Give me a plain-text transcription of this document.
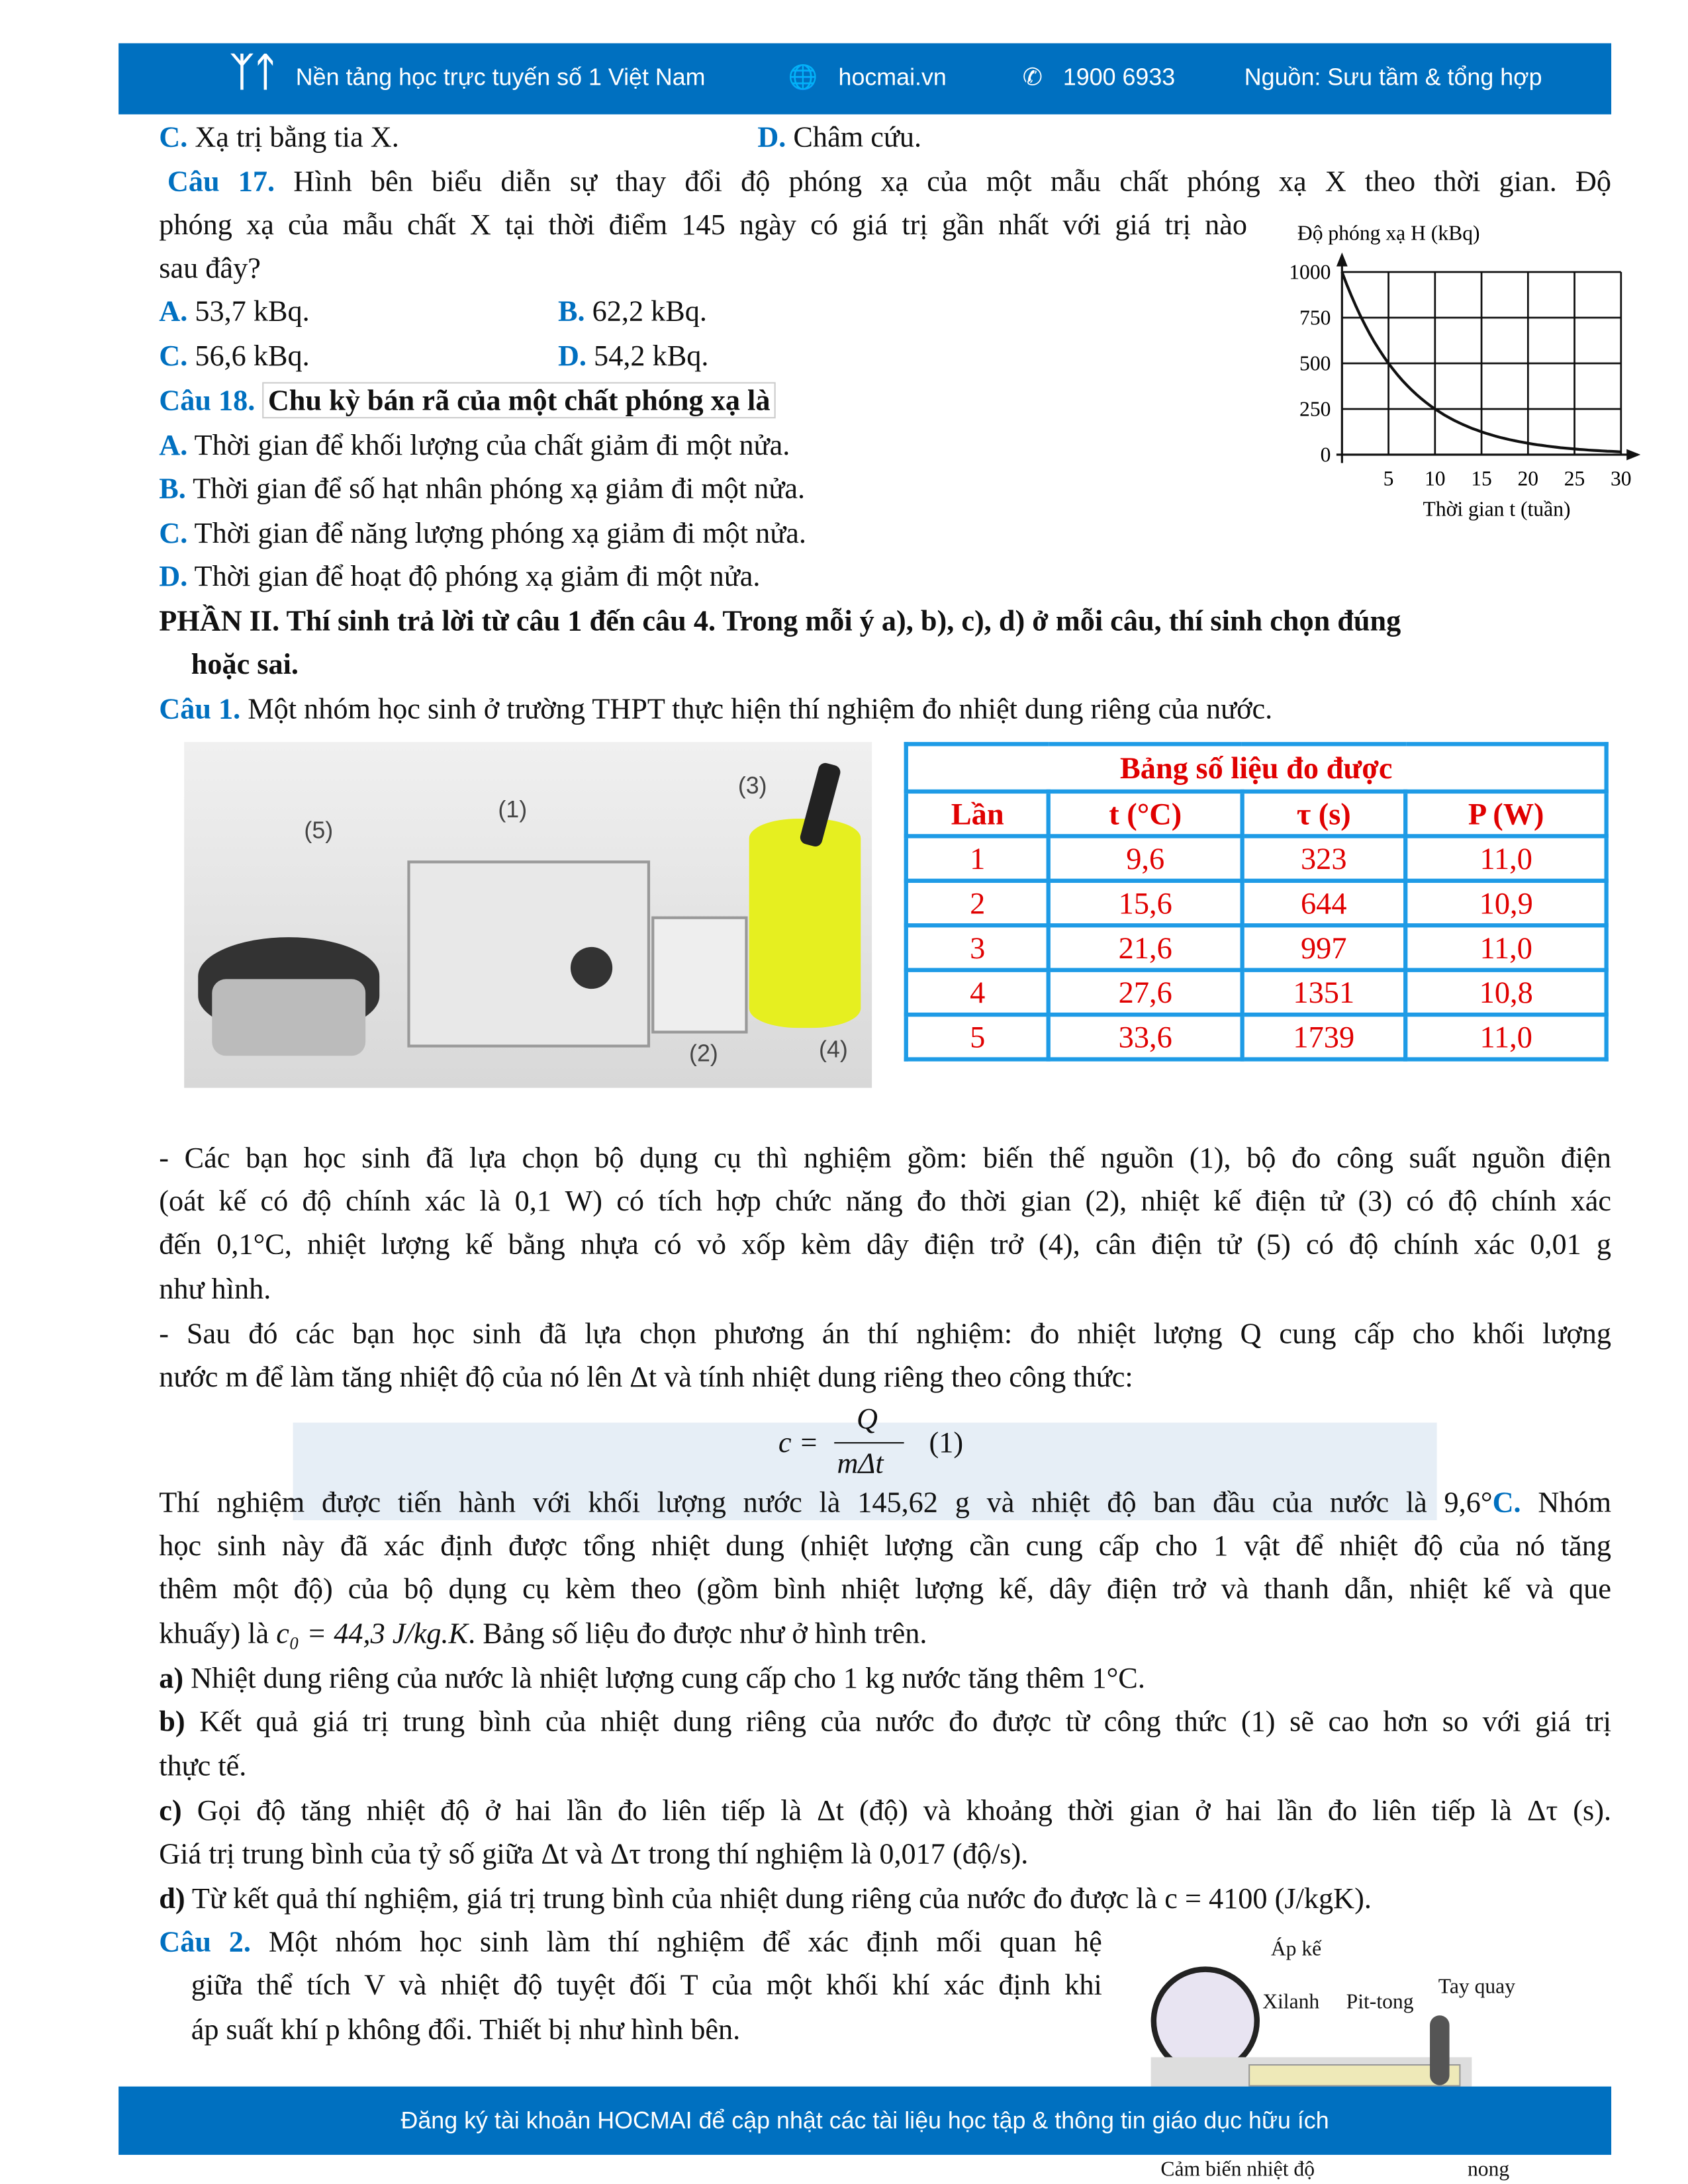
ᛉᛏ Nền tảng học trực tuyến số 1 Việt Nam	🌐 hocmai.vn	✆ 1900 6933	Nguồn: Sưu tầm & tổng hợp
C. Xạ trị bằng tia X.	D. Châm cứu.
Câu 17. Hình bên biểu diễn sự thay đổi độ phóng xạ của một mẫu chất phóng xạ X theo thời gian. Độ
phóng xạ của mẫu chất X tại thời điểm 145 ngày có giá trị gần nhất với giá trị nào
sau đây?
A. 53,7 kBq.	B. 62,2 kBq.
C. 56,6 kBq.	D. 54,2 kBq.
Độ phóng xạ H (kBq)
0
250
500
750
1000
5	10	15	20	25	30
Thời gian t (tuần)
Câu 18. Chu kỳ bán rã của một chất phóng xạ là
A. Thời gian để khối lượng của chất giảm đi một nửa.
B. Thời gian để số hạt nhân phóng xạ giảm đi một nửa.
C. Thời gian để năng lượng phóng xạ giảm đi một nửa.
D. Thời gian để hoạt độ phóng xạ giảm đi một nửa.
PHẦN II. Thí sinh trả lời từ câu 1 đến câu 4. Trong mỗi ý a), b), c), d) ở mỗi câu, thí sinh chọn đúng
hoặc sai.
Câu 1. Một nhóm học sinh ở trường THPT thực hiện thí nghiệm đo nhiệt dung riêng của nước.
(1)
(2)
(3)
(4)
(5)
Bảng số liệu đo được			
Lần	t (°C)	τ (s)	P (W)
1	9,6	323	11,0
2	15,6	644	10,9
3	21,6	997	11,0
4	27,6	1351	10,8
5	33,6	1739	11,0
- Các bạn học sinh đã lựa chọn bộ dụng cụ thì nghiệm gồm: biến thế nguồn (1), bộ đo công suất nguồn điện
(oát kế có độ chính xác là 0,1 W) có tích hợp chức năng đo thời gian (2), nhiệt kế điện tử (3) có độ chính xác
đến 0,1°C, nhiệt lượng kế bằng nhựa có vỏ xốp kèm dây điện trở (4), cân điện tử (5) có độ chính xác 0,01 g
như hình.
- Sau đó các bạn học sinh đã lựa chọn phương án thí nghiệm: đo nhiệt lượng Q cung cấp cho khối lượng
nước m để làm tăng nhiệt độ của nó lên Δt và tính nhiệt dung riêng theo công thức:
c =
Q
mΔt
(1)
Thí nghiệm được tiến hành với khối lượng nước là 145,62 g và nhiệt độ ban đầu của nước là 9,6°C. Nhóm
học sinh này đã xác định được tổng nhiệt dung (nhiệt lượng cần cung cấp cho 1 vật để nhiệt độ của nó tăng
thêm một độ) của bộ dụng cụ kèm theo (gồm bình nhiệt lượng kế, dây điện trở và thanh dẫn, nhiệt kế và que
khuấy) là c₀ = 44,3 J/kg.K. Bảng số liệu đo được như ở hình trên.
a) Nhiệt dung riêng của nước là nhiệt lượng cung cấp cho 1 kg nước tăng thêm 1°C.
b) Kết quả giá trị trung bình của nhiệt dung riêng của nước đo được từ công thức (1) sẽ cao hơn so với giá trị
thực tế.
c) Gọi độ tăng nhiệt độ ở hai lần đo liên tiếp là Δt (độ) và khoảng thời gian ở hai lần đo liên tiếp là Δτ (s).
Giá trị trung bình của tỷ số giữa Δt và Δτ trong thí nghiệm là 0,017 (độ/s).
d) Từ kết quả thí nghiệm, giá trị trung bình của nhiệt dung riêng của nước đo được là c = 4100 (J/kgK).
Câu 2. Một nhóm học sinh làm thí nghiệm để xác định mối quan hệ
giữa thể tích V và nhiệt độ tuyệt đối T của một khối khí xác định khi
áp suất khí p không đổi. Thiết bị như hình bên.
Áp kế
Xilanh	Pit-tong
Tay quay
Đăng ký tài khoản HOCMAI để cập nhật các tài liệu học tập & thông tin giáo dục hữu ích
Cảm biến nhiệt độ	nong
